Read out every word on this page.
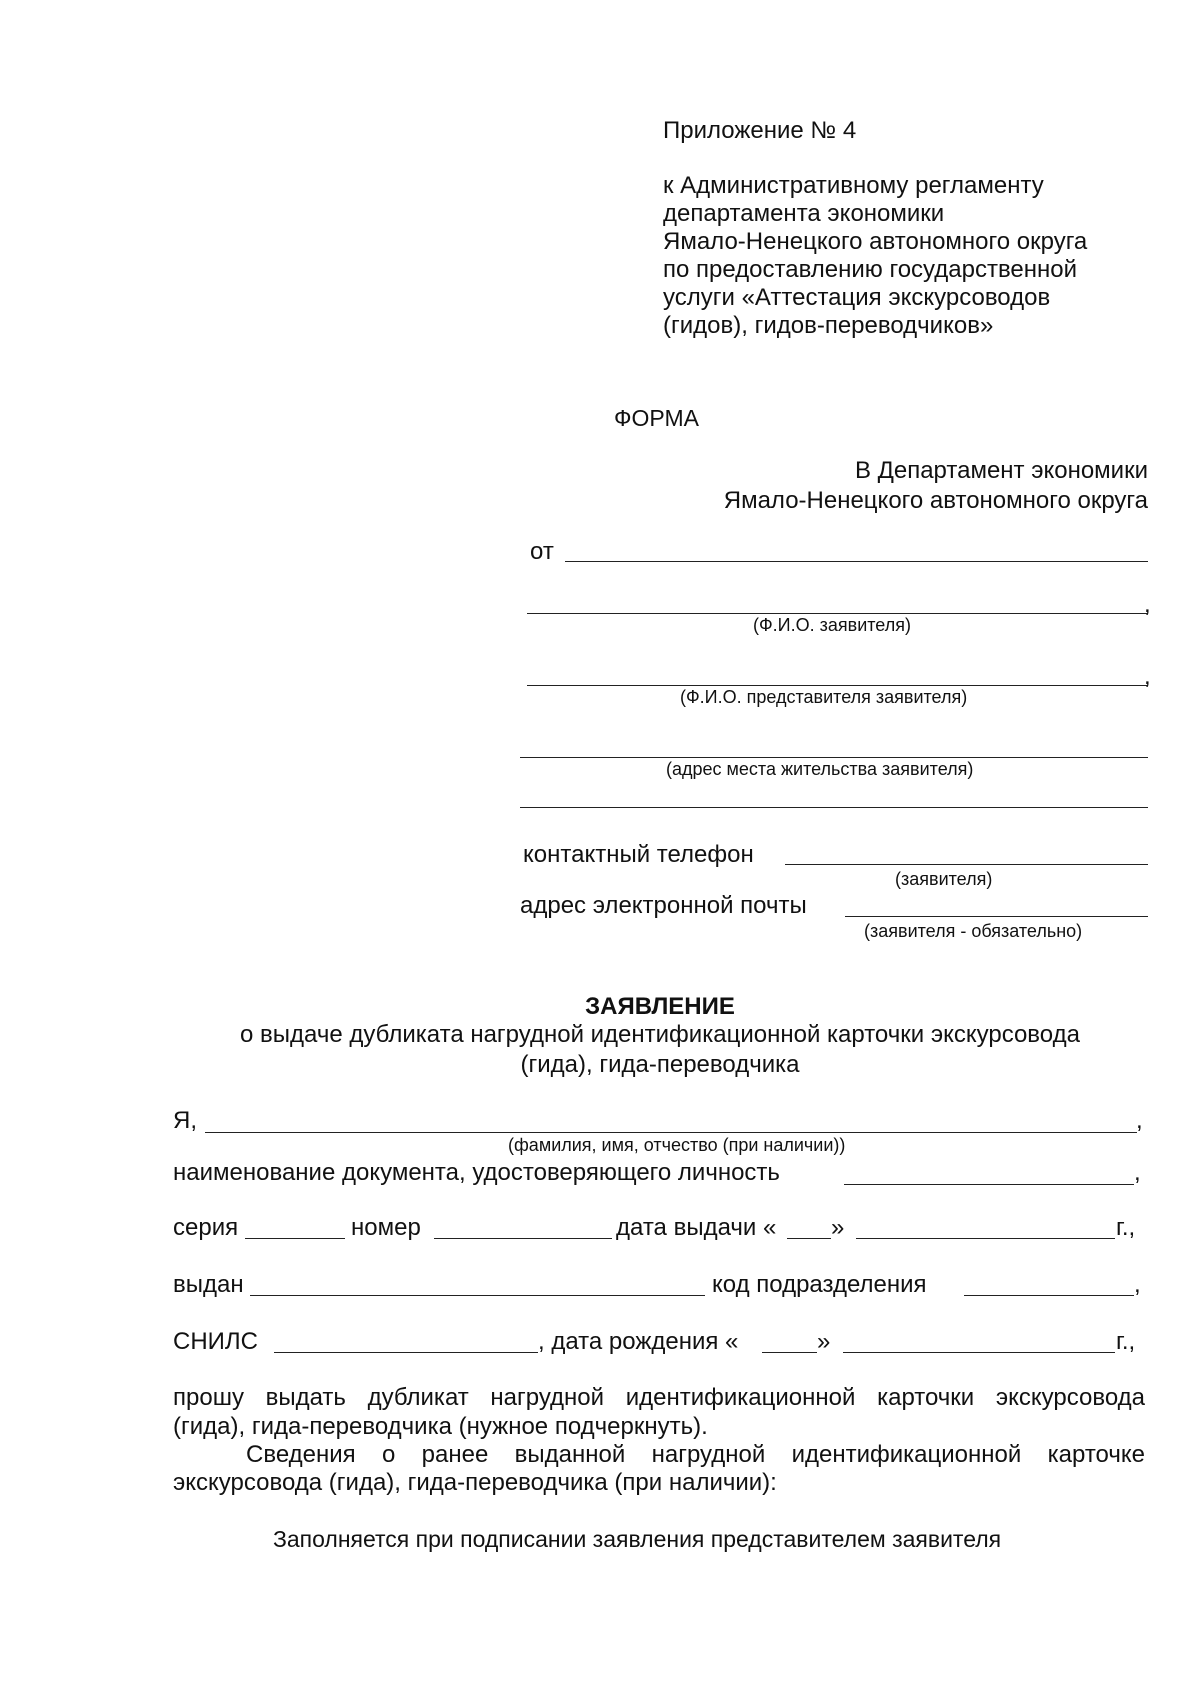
Приложение № 4
к Административному регламенту
департамента экономики
Ямало-Ненецкого автономного округа
по предоставлению государственной
услуги «Аттестация экскурсоводов
(гидов), гидов-переводчиков»
ФОРМА
В Департамент экономики
Ямало-Ненецкого автономного округа
от
,
(Ф.И.О. заявителя)
,
(Ф.И.О. представителя заявителя)
(адрес места жительства заявителя)
контактный телефон
(заявителя)
адрес электронной почты
(заявителя - обязательно)
ЗАЯВЛЕНИЕ
о выдаче дубликата нагрудной идентификационной карточки экскурсовода
(гида), гида-переводчика
Я,	,
(фамилия, имя, отчество (при наличии))
наименование документа, удостоверяющего личность	,
серия	номер	дата выдачи « »	г.,
выдан	код подразделения	,
СНИЛС	, дата рождения «	»	г.,
прошу выдать дубликат нагрудной идентификационной карточки экскурсовода
(гида), гида-переводчика (нужное подчеркнуть).
Сведения о ранее выданной нагрудной идентификационной карточке
экскурсовода (гида), гида-переводчика (при наличии):
Заполняется при подписании заявления представителем заявителя
